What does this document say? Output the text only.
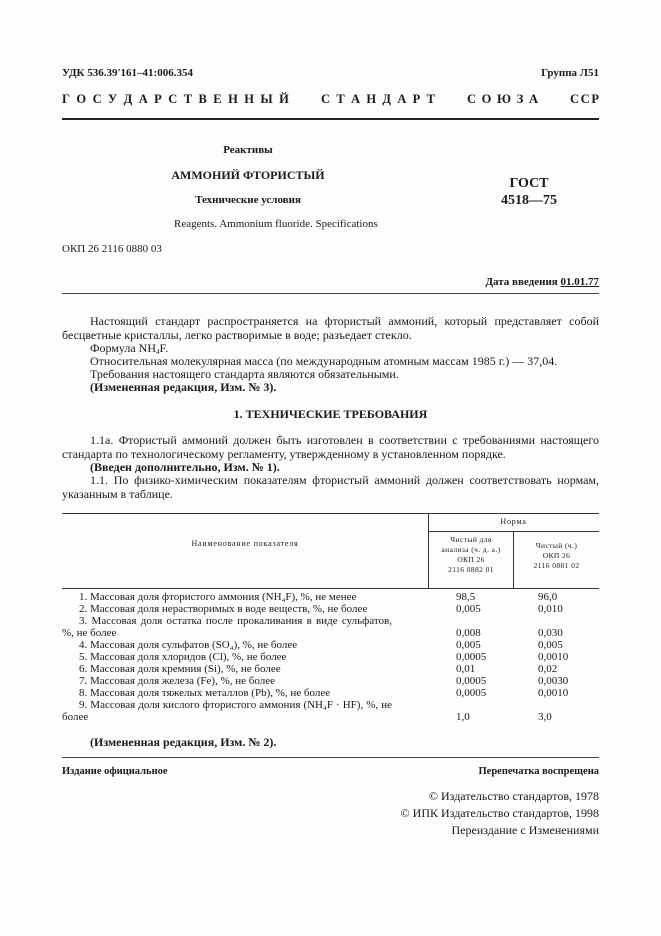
УДК 536.39'161–41:006.354	Группа Л51
Г О С У Д А Р С Т В Е Н Н Ы Й	С Т А Н Д А Р Т	С О Ю З А	С С Р
Реактивы
АММОНИЙ ФТОРИСТЫЙ
ГОСТ
4518—75
Технические условия
Reagents. Ammonium fluoride. Specifications
ОКП 26 2116 0880 03
Дата введения 01.01.77
Настоящий стандарт распространяется на фтористый аммоний, который представляет собой бесцветные кристаллы, легко растворимые в воде; разъедает стекло.
Формула $NH_4F$.
Относительная молекулярная масса (по международным атомным массам 1985 г.) — 37,04.
Требования настоящего стандарта являются обязательными.
(Измененная редакция, Изм. № 3).
1. ТЕХНИЧЕСКИЕ ТРЕБОВАНИЯ
1.1а. Фтористый аммоний должен быть изготовлен в соответствии с требованиями настоящего стандарта по технологическому регламенту, утвержденному в установленном порядке.
(Введен дополнительно, Изм. № 1).
1.1. По физико-химическим показателям фтористый аммоний должен соответствовать нормам, указанным в таблице.
Наименование показателя
Норма
Чистый для
анализа (ч. д. а.)
ОКП 26
2116 0882 01
Чистый (ч.)
ОКП 26
2116 0881 02
1. Массовая доля фтористого аммония (NH₄F), %, не менее	98,5	96,0
2. Массовая доля нерастворимых в воде веществ, %, не более	0,005	0,010
3. Массовая доля остатка после прокаливания в виде сульфатов, %, не более	0,008	0,030
4. Массовая доля сульфатов (SO₄), %, не более	0,005	0,005
5. Массовая доля хлоридов (Cl), %, не более	0,0005	0,0010
6. Массовая доля кремния (Si), %, не более	0,01	0,02
7. Массовая доля железа (Fe), %, не более	0,0005	0,0030
8. Массовая доля тяжелых металлов (Pb), %, не более	0,0005	0,0010
9. Массовая доля кислого фтористого аммония (NH₄F · HF), %, не более	1,0	3,0
(Измененная редакция, Изм. № 2).
Издание официальное	Перепечатка воспрещена
© Издательство стандартов, 1978
© ИПК Издательство стандартов, 1998
Переиздание с Изменениями
